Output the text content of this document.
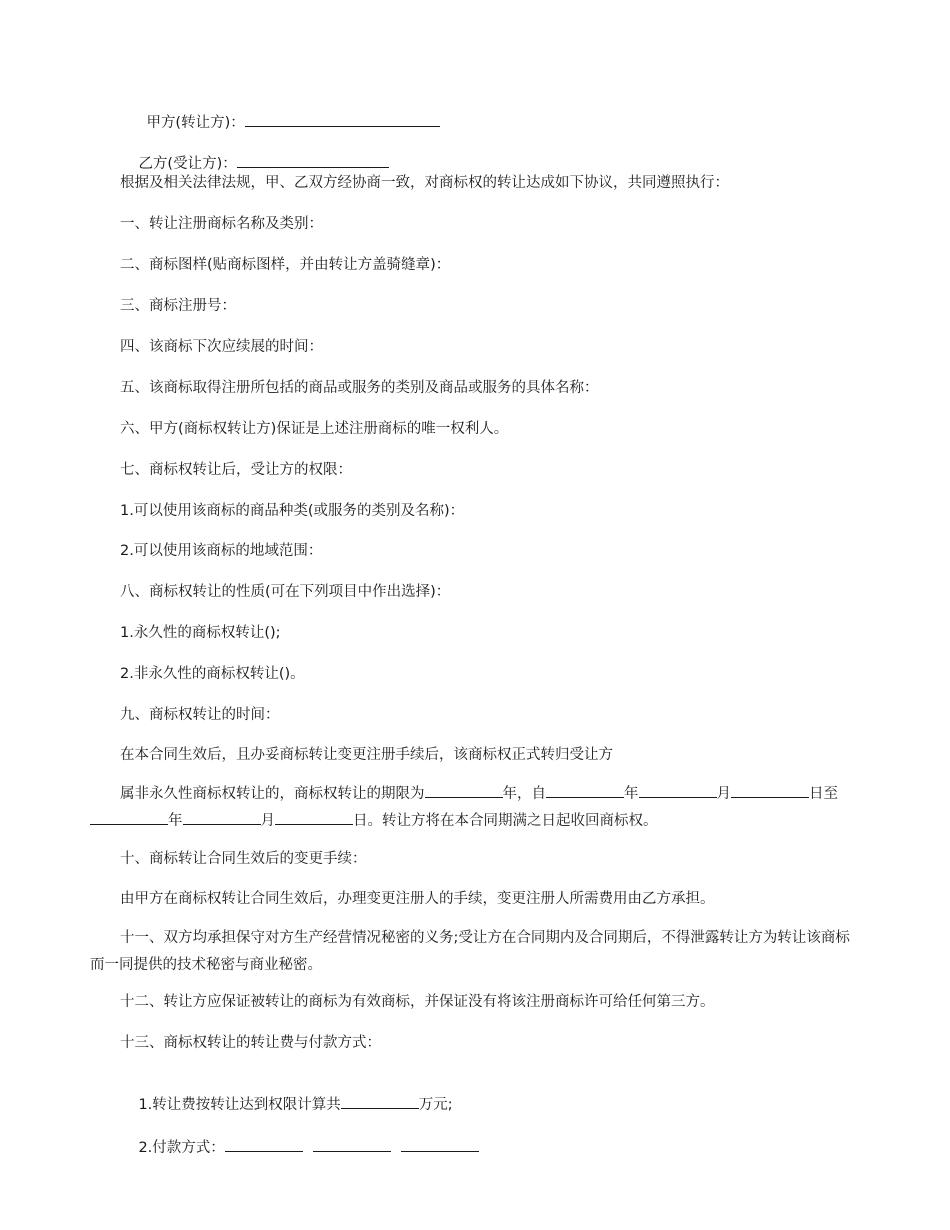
甲方(转让方)：

乙方(受让方)：

根据及相关法律法规，甲、乙双方经协商一致，对商标权的转让达成如下协议，共同遵照执行：
一、转让注册商标名称及类别：
二、商标图样(贴商标图样，并由转让方盖骑缝章)：
三、商标注册号：
四、该商标下次应续展的时间：
五、该商标取得注册所包括的商品或服务的类别及商品或服务的具体名称：
六、甲方(商标权转让方)保证是上述注册商标的唯一权利人。
七、商标权转让后，受让方的权限：
1.可以使用该商标的商品种类(或服务的类别及名称)：
2.可以使用该商标的地域范围：
八、商标权转让的性质(可在下列项目中作出选择)：
1.永久性的商标权转让();
2.非永久性的商标权转让()。
九、商标权转让的时间：
在本合同生效后，且办妥商标转让变更注册手续后，该商标权正式转归受让方
属非永久性商标权转让的，商标权转让的期限为	年，自	年	月	日至年	月	日。转让方将在本合同期满之日起收回商标权。
十、商标转让合同生效后的变更手续：
由甲方在商标权转让合同生效后，办理变更注册人的手续，变更注册人所需费用由乙方承担。
十一、双方均承担保守对方生产经营情况秘密的义务;受让方在合同期内及合同期后，不得泄露转让方为转让该商标而一同提供的技术秘密与商业秘密。
十二、转让方应保证被转让的商标为有效商标，并保证没有将该注册商标许可给任何第三方。
十三、商标权转让的转让费与付款方式：

1.转让费按转让达到权限计算共	万元;

2.付款方式：
